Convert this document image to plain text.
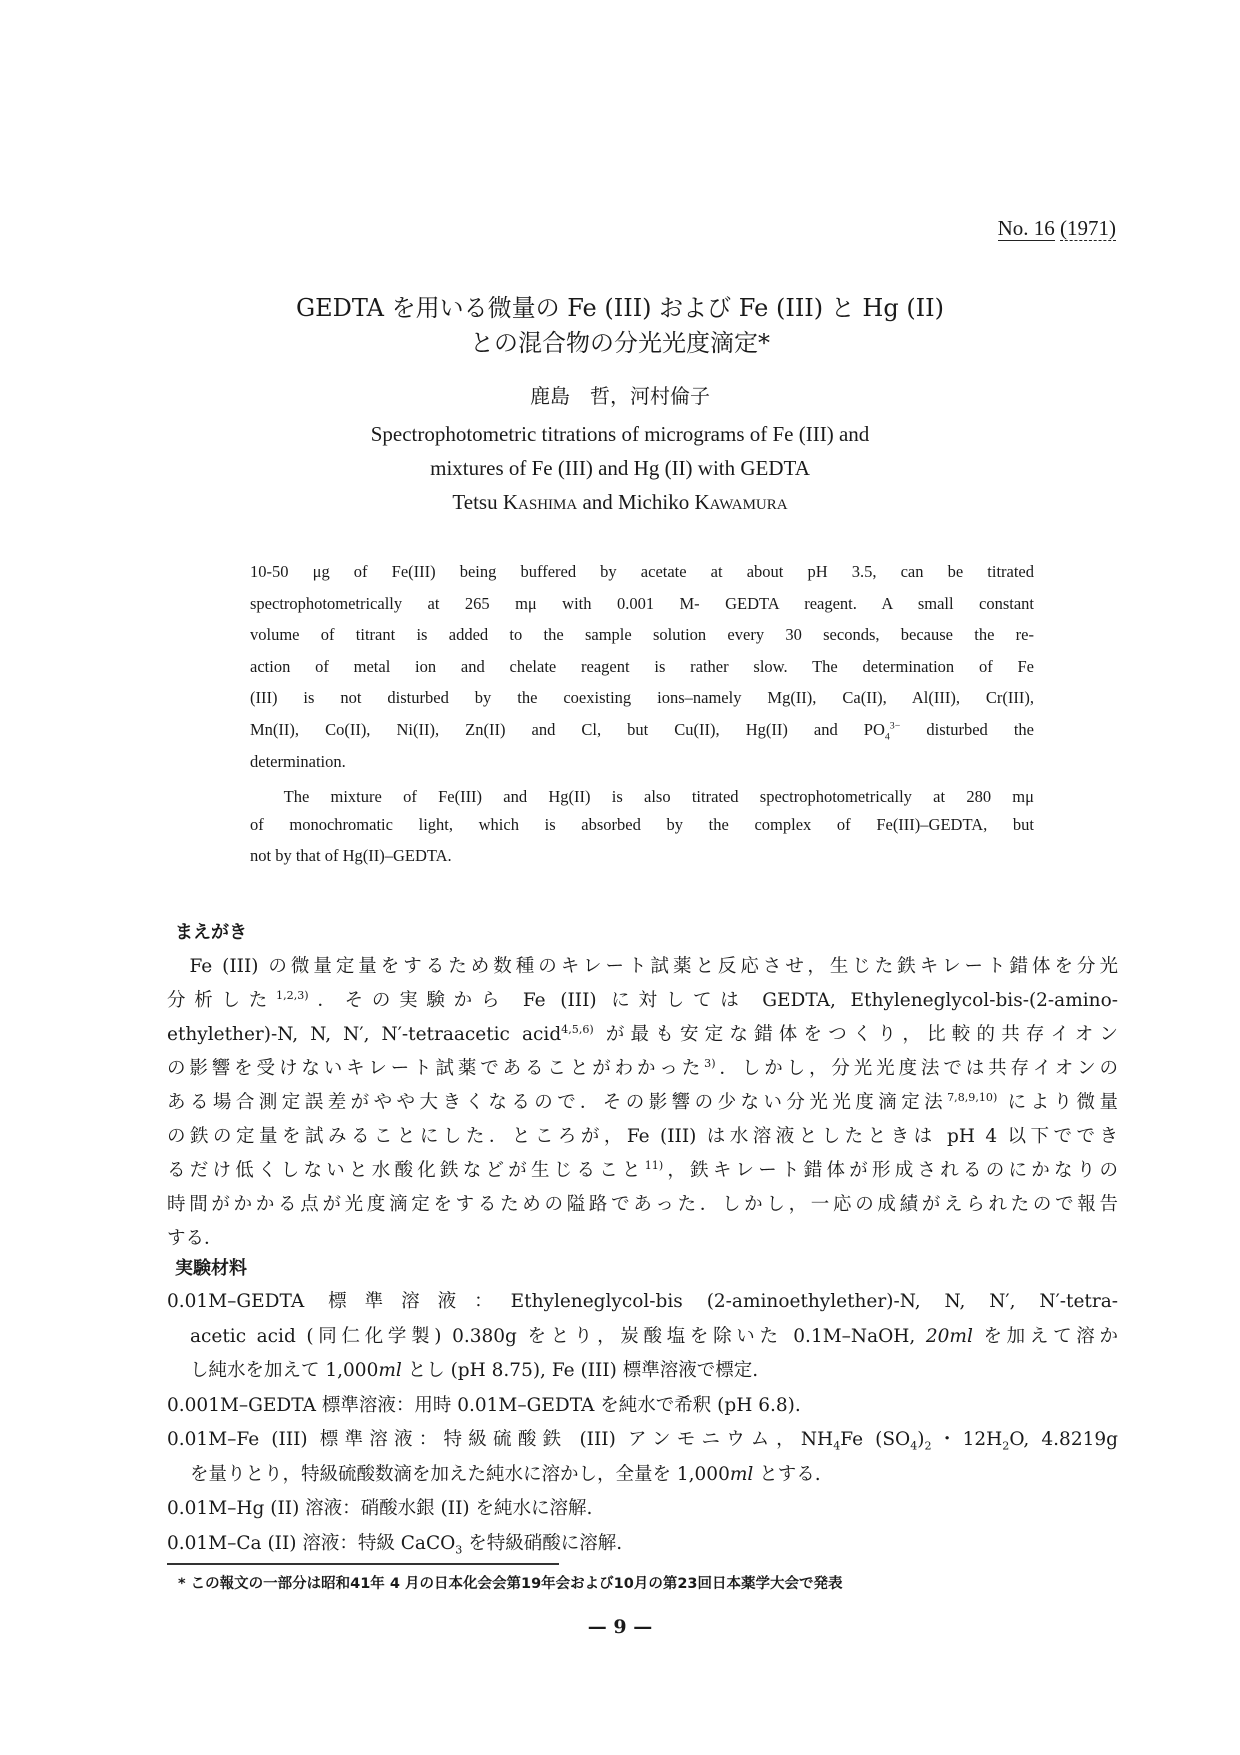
No. 16 (1971)
GEDTA を用いる微量の Fe (III) および Fe (III) と Hg (II)
との混合物の分光光度滴定*
鹿島　哲，河村倫子
Spectrophotometric titrations of micrograms of Fe (III) and
mixtures of Fe (III) and Hg (II) with GEDTA
Tetsu Kashima and Michiko Kawamura
10-50 μg of Fe(III) being buffered by acetate at about pH 3.5, can be titrated
spectrophotometrically at 265 mμ with 0.001 M- GEDTA reagent. A small constant
volume of titrant is added to the sample solution every 30 seconds, because the re-
action of metal ion and chelate reagent is rather slow. The determination of Fe
(III) is not disturbed by the coexisting ions–namely Mg(II), Ca(II), Al(III), Cr(III),
Mn(II), Co(II), Ni(II), Zn(II) and Cl, but Cu(II), Hg(II) and $PO_4^{3-}$ disturbed the
determination.
　The mixture of Fe(III) and Hg(II) is also titrated spectrophotometrically at 280 mμ
of monochromatic light, which is absorbed by the complex of Fe(III)–GEDTA, but
not by that of Hg(II)–GEDTA.
まえがき
　Fe (III) の微量定量をするため数種のキレート試薬と反応させ，生じた鉄キレート錯体を分光
分析した$^{1,2,3)}$．その実験から Fe (III) に対しては GEDTA, Ethyleneglycol-bis-(2-amino-
ethylether)-N, N, N′, N′-tetraacetic acid$^{4,5,6)}$ が最も安定な錯体をつくり，比較的共存イオン
の影響を受けないキレート試薬であることがわかった$^{3)}$．しかし，分光光度法では共存イオンの
ある場合測定誤差がやや大きくなるので．その影響の少ない分光光度滴定法$^{7,8,9,10)}$ により微量
の鉄の定量を試みることにした．ところが，Fe (III) は水溶液としたときは pH 4 以下ででき
るだけ低くしないと水酸化鉄などが生じること$^{11)}$，鉄キレート錯体が形成されるのにかなりの
時間がかかる点が光度滴定をするための隘路であった．しかし，一応の成績がえられたので報告
する．
実験材料
0.01M–GEDTA 標準溶液：Ethyleneglycol-bis (2-aminoethylether)-N, N, N′, N′-tetra-
acetic acid (同仁化学製) 0.380g をとり，炭酸塩を除いた 0.1M–NaOH, 20ml を加えて溶か
し純水を加えて 1,000ml とし (pH 8.75), Fe (III) 標準溶液で標定.
0.001M–GEDTA 標準溶液：用時 0.01M–GEDTA を純水で希釈 (pH 6.8).
0.01M–Fe (III) 標準溶液：特級硫酸鉄 (III) アンモニウム，$NH_4Fe$ $(SO_4)_2$・$12H_2O$, 4.8219g
を量りとり，特級硫酸数滴を加えた純水に溶かし，全量を 1,000ml とする.
0.01M–Hg (II) 溶液：硝酸水銀 (II) を純水に溶解.
0.01M–Ca (II) 溶液：特級 CaCO$_3$ を特級硝酸に溶解.
* この報文の一部分は昭和41年 4 月の日本化会会第19年会および10月の第23回日本薬学大会で発表
— 9 —
